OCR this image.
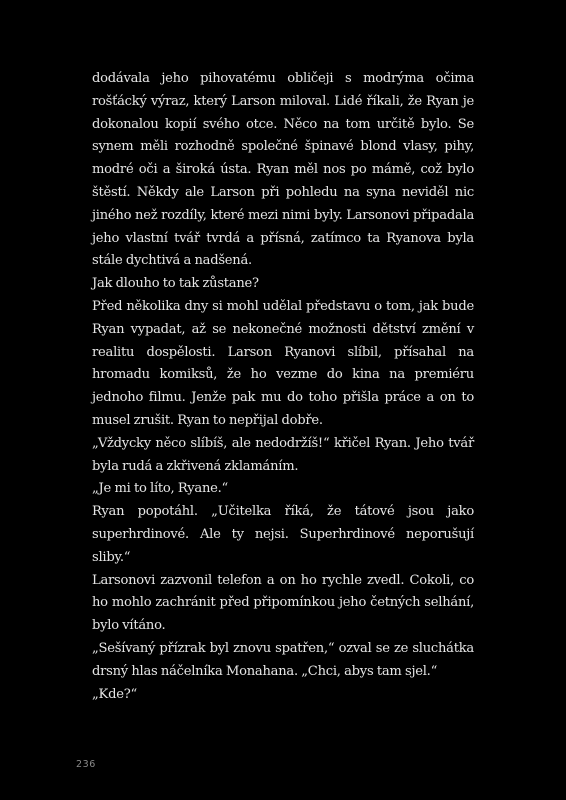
dodávala jeho pihovatému obličeji s modrýma očima rošťácký výraz, který Larson miloval. Lidé říkali, že Ryan je dokonalou kopií svého otce. Něco na tom určitě bylo. Se synem měli rozhodně společné špinavé blond vlasy, pihy, modré oči a široká ústa. Ryan měl nos po mámě, což bylo štěstí. Někdy ale Larson při pohledu na syna neviděl nic jiného než rozdíly, které mezi nimi byly. Larsonovi připadala jeho vlastní tvář tvrdá a přísná, zatímco ta Ryanova byla stále dychtivá a nadšená.

Jak dlouho to tak zůstane?

Před několika dny si mohl udělal představu o tom, jak bude Ryan vypadat, až se nekonečné možnosti dětství změní v realitu dospělosti. Larson Ryanovi slíbil, přísahal na hromadu komiksů, že ho vezme do kina na premiéru jednoho filmu. Jenže pak mu do toho přišla práce a on to musel zrušit. Ryan to nepřijal dobře.

„Vždycky něco slíbíš, ale nedodržíš!“ křičel Ryan. Jeho tvář byla rudá a zkřivená zklamáním.

„Je mi to líto, Ryane.“

Ryan popotáhl. „Učitelka říká, že tátové jsou jako superhrdinové. Ale ty nejsi. Superhrdinové neporušují sliby.“

Larsonovi zazvonil telefon a on ho rychle zvedl. Cokoli, co ho mohlo zachránit před připomínkou jeho četných selhání, bylo vítáno.

„Sešívaný přízrak byl znovu spatřen,“ ozval se ze sluchátka drsný hlas náčelníka Monahana. „Chci, abys tam sjel.“

„Kde?“

236
